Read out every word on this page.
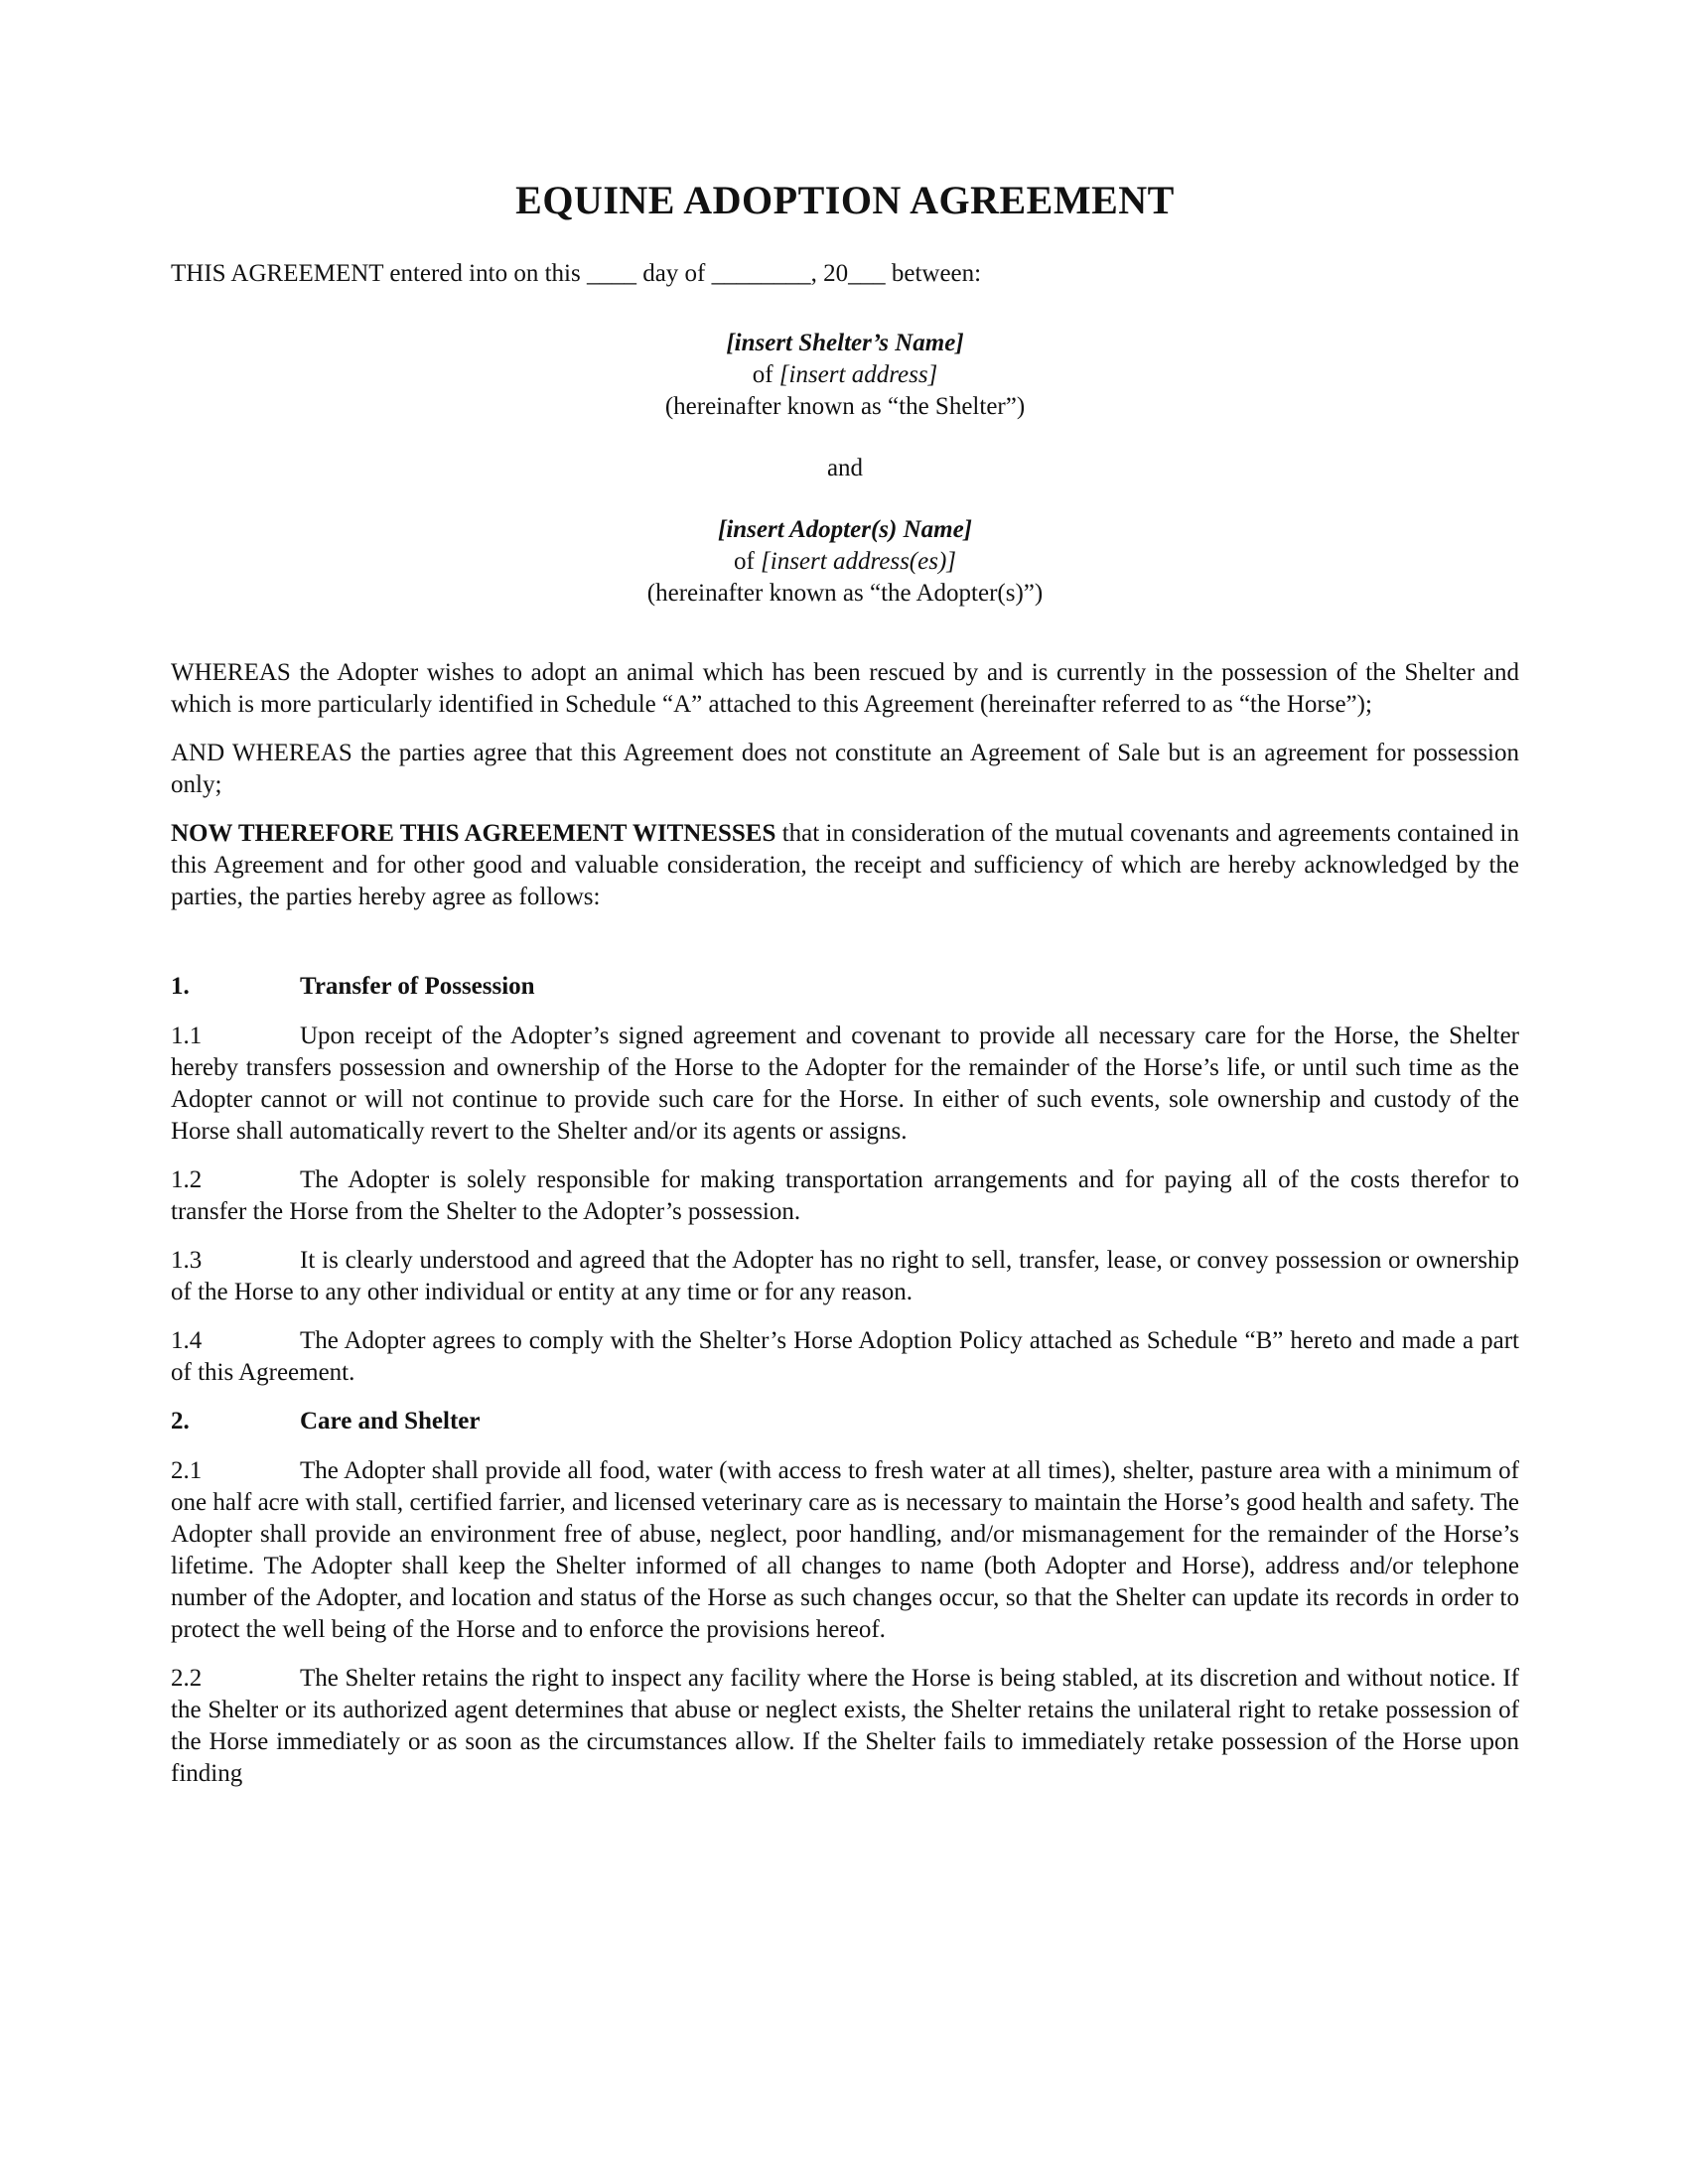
EQUINE ADOPTION AGREEMENT

THIS AGREEMENT entered into on this ____ day of ________, 20___ between:

[insert Shelter’s Name]
of [insert address]
(hereinafter known as “the Shelter”)
and
[insert Adopter(s) Name]
of [insert address(es)]
(hereinafter known as “the Adopter(s)”)

WHEREAS the Adopter wishes to adopt an animal which has been rescued by and is currently in the possession of the Shelter and which is more particularly identified in Schedule “A” attached to this Agreement (hereinafter referred to as “the Horse”);

AND WHEREAS the parties agree that this Agreement does not constitute an Agreement of Sale but is an agreement for possession only;

NOW THEREFORE THIS AGREEMENT WITNESSES that in consideration of the mutual covenants and agreements contained in this Agreement and for other good and valuable consideration, the receipt and sufficiency of which are hereby acknowledged by the parties, the parties hereby agree as follows:

1.	Transfer of Possession

1.1	Upon receipt of the Adopter’s signed agreement and covenant to provide all necessary care for the Horse, the Shelter hereby transfers possession and ownership of the Horse to the Adopter for the remainder of the Horse’s life, or until such time as the Adopter cannot or will not continue to provide such care for the Horse. In either of such events, sole ownership and custody of the Horse shall automatically revert to the Shelter and/or its agents or assigns.

1.2	The Adopter is solely responsible for making transportation arrangements and for paying all of the costs therefor to transfer the Horse from the Shelter to the Adopter’s possession.

1.3	It is clearly understood and agreed that the Adopter has no right to sell, transfer, lease, or convey possession or ownership of the Horse to any other individual or entity at any time or for any reason.

1.4	The Adopter agrees to comply with the Shelter’s Horse Adoption Policy attached as Schedule “B” hereto and made a part of this Agreement.

2.	Care and Shelter

2.1	The Adopter shall provide all food, water (with access to fresh water at all times), shelter, pasture area with a minimum of one half acre with stall, certified farrier, and licensed veterinary care as is necessary to maintain the Horse’s good health and safety. The Adopter shall provide an environment free of abuse, neglect, poor handling, and/or mismanagement for the remainder of the Horse’s lifetime. The Adopter shall keep the Shelter informed of all changes to name (both Adopter and Horse), address and/or telephone number of the Adopter, and location and status of the Horse as such changes occur, so that the Shelter can update its records in order to protect the well being of the Horse and to enforce the provisions hereof.

2.2	The Shelter retains the right to inspect any facility where the Horse is being stabled, at its discretion and without notice. If the Shelter or its authorized agent determines that abuse or neglect exists, the Shelter retains the unilateral right to retake possession of the Horse immediately or as soon as the circumstances allow. If the Shelter fails to immediately retake possession of the Horse upon finding
